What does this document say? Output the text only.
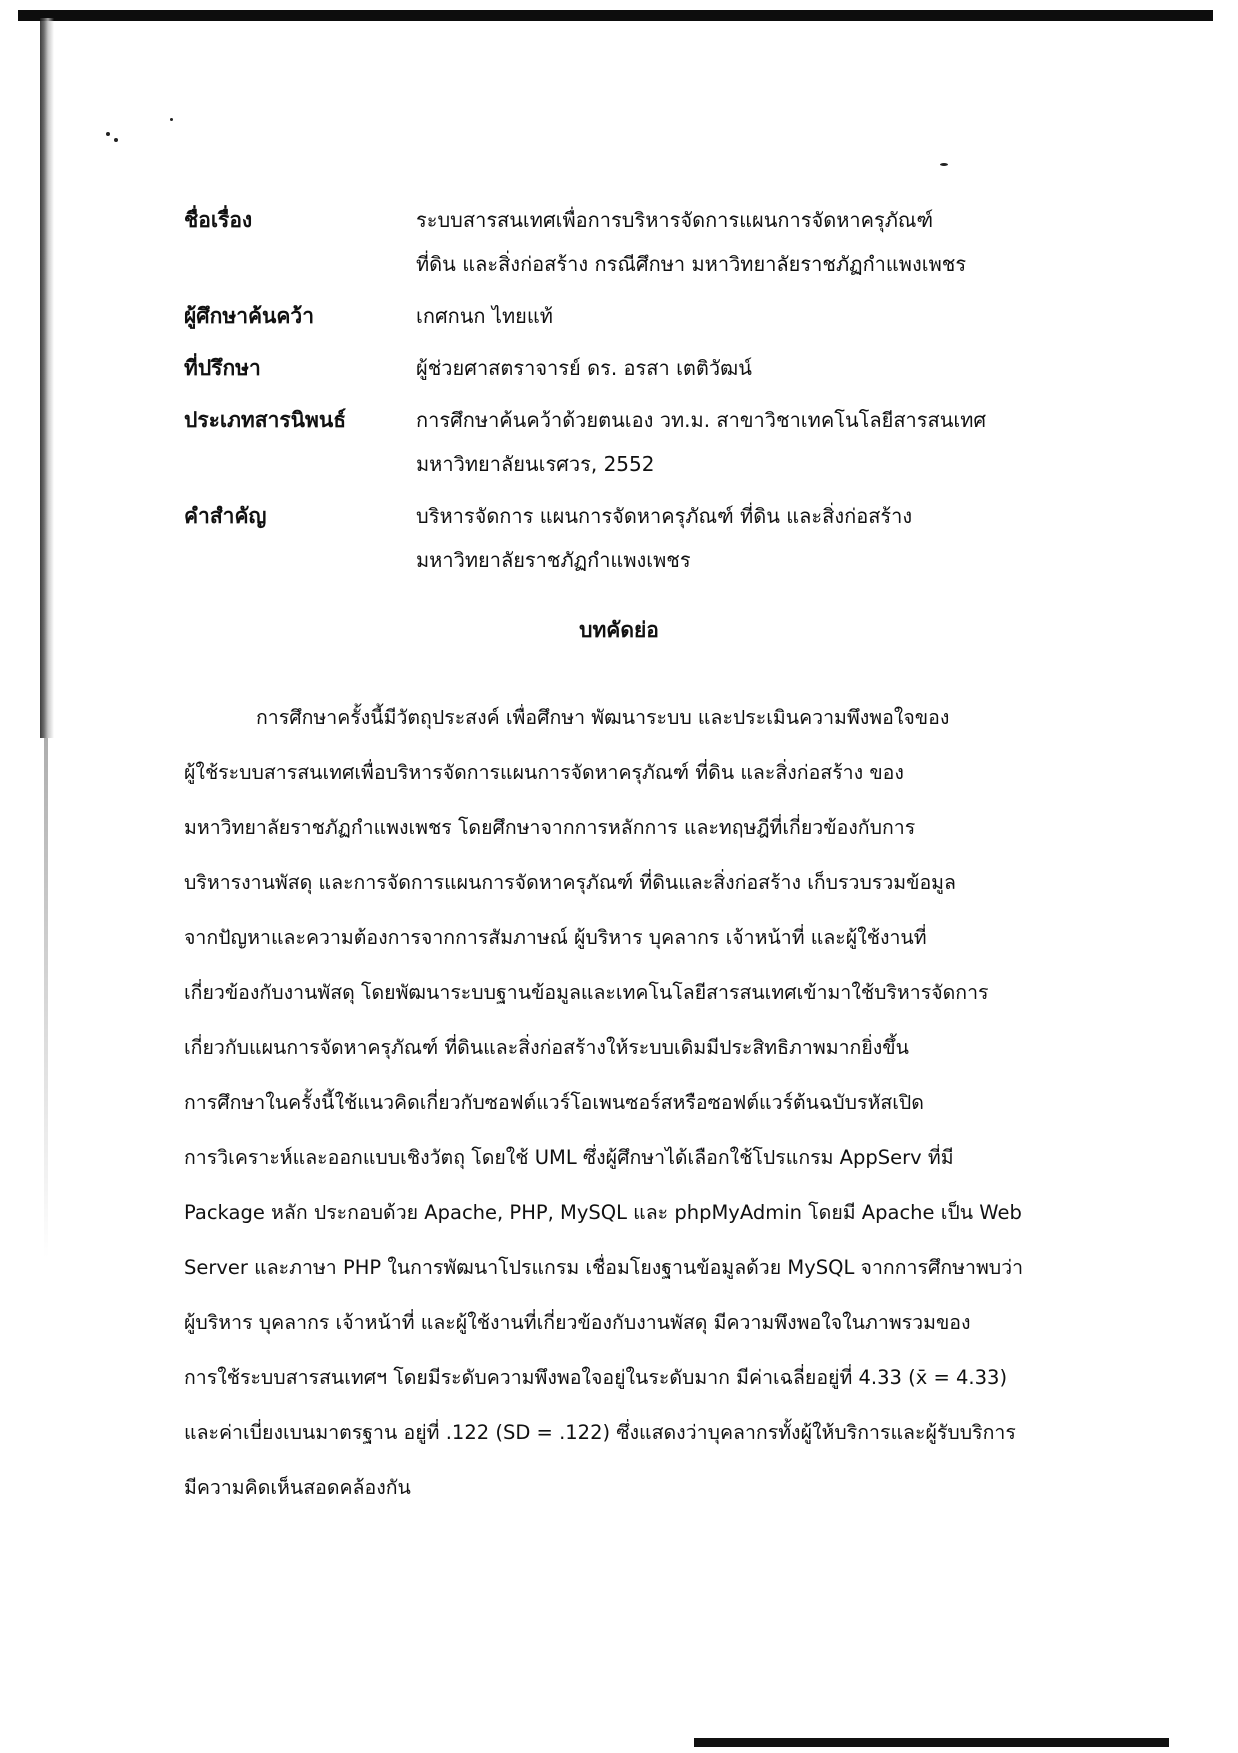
ชื่อเรื่อง	ระบบสารสนเทศเพื่อการบริหารจัดการแผนการจัดหาครุภัณฑ์
ที่ดิน และสิ่งก่อสร้าง กรณีศึกษา มหาวิทยาลัยราชภัฏกำแพงเพชร
ผู้ศึกษาค้นคว้า	เกศกนก ไทยแท้
ที่ปรึกษา	ผู้ช่วยศาสตราจารย์ ดร. อรสา เตติวัฒน์
ประเภทสารนิพนธ์	การศึกษาค้นคว้าด้วยตนเอง วท.ม. สาขาวิชาเทคโนโลยีสารสนเทศ
มหาวิทยาลัยนเรศวร, 2552
คำสำคัญ	บริหารจัดการ แผนการจัดหาครุภัณฑ์ ที่ดิน และสิ่งก่อสร้าง
มหาวิทยาลัยราชภัฏกำแพงเพชร
บทคัดย่อ
การศึกษาครั้งนี้มีวัตถุประสงค์ เพื่อศึกษา พัฒนาระบบ และประเมินความพึงพอใจของ
ผู้ใช้ระบบสารสนเทศเพื่อบริหารจัดการแผนการจัดหาครุภัณฑ์ ที่ดิน และสิ่งก่อสร้าง ของ
มหาวิทยาลัยราชภัฏกำแพงเพชร โดยศึกษาจากการหลักการ และทฤษฎีที่เกี่ยวข้องกับการ
บริหารงานพัสดุ และการจัดการแผนการจัดหาครุภัณฑ์ ที่ดินและสิ่งก่อสร้าง เก็บรวบรวมข้อมูล
จากปัญหาและความต้องการจากการสัมภาษณ์ ผู้บริหาร บุคลากร เจ้าหน้าที่ และผู้ใช้งานที่
เกี่ยวข้องกับงานพัสดุ โดยพัฒนาระบบฐานข้อมูลและเทคโนโลยีสารสนเทศเข้ามาใช้บริหารจัดการ
เกี่ยวกับแผนการจัดหาครุภัณฑ์ ที่ดินและสิ่งก่อสร้างให้ระบบเดิมมีประสิทธิภาพมากยิ่งขึ้น
การศึกษาในครั้งนี้ใช้แนวคิดเกี่ยวกับซอฟต์แวร์โอเพนซอร์สหรือซอฟต์แวร์ต้นฉบับรหัสเปิด
การวิเคราะห์และออกแบบเชิงวัตถุ โดยใช้ UML ซึ่งผู้ศึกษาได้เลือกใช้โปรแกรม AppServ ที่มี
Package หลัก ประกอบด้วย Apache, PHP, MySQL และ phpMyAdmin โดยมี Apache เป็น Web
Server และภาษา PHP ในการพัฒนาโปรแกรม เชื่อมโยงฐานข้อมูลด้วย MySQL จากการศึกษาพบว่า
ผู้บริหาร บุคลากร เจ้าหน้าที่ และผู้ใช้งานที่เกี่ยวข้องกับงานพัสดุ มีความพึงพอใจในภาพรวมของ
การใช้ระบบสารสนเทศฯ โดยมีระดับความพึงพอใจอยู่ในระดับมาก มีค่าเฉลี่ยอยู่ที่ 4.33 (x̄ = 4.33)
และค่าเบี่ยงเบนมาตรฐาน อยู่ที่ .122 (SD = .122) ซึ่งแสดงว่าบุคลากรทั้งผู้ให้บริการและผู้รับบริการ
มีความคิดเห็นสอดคล้องกัน
